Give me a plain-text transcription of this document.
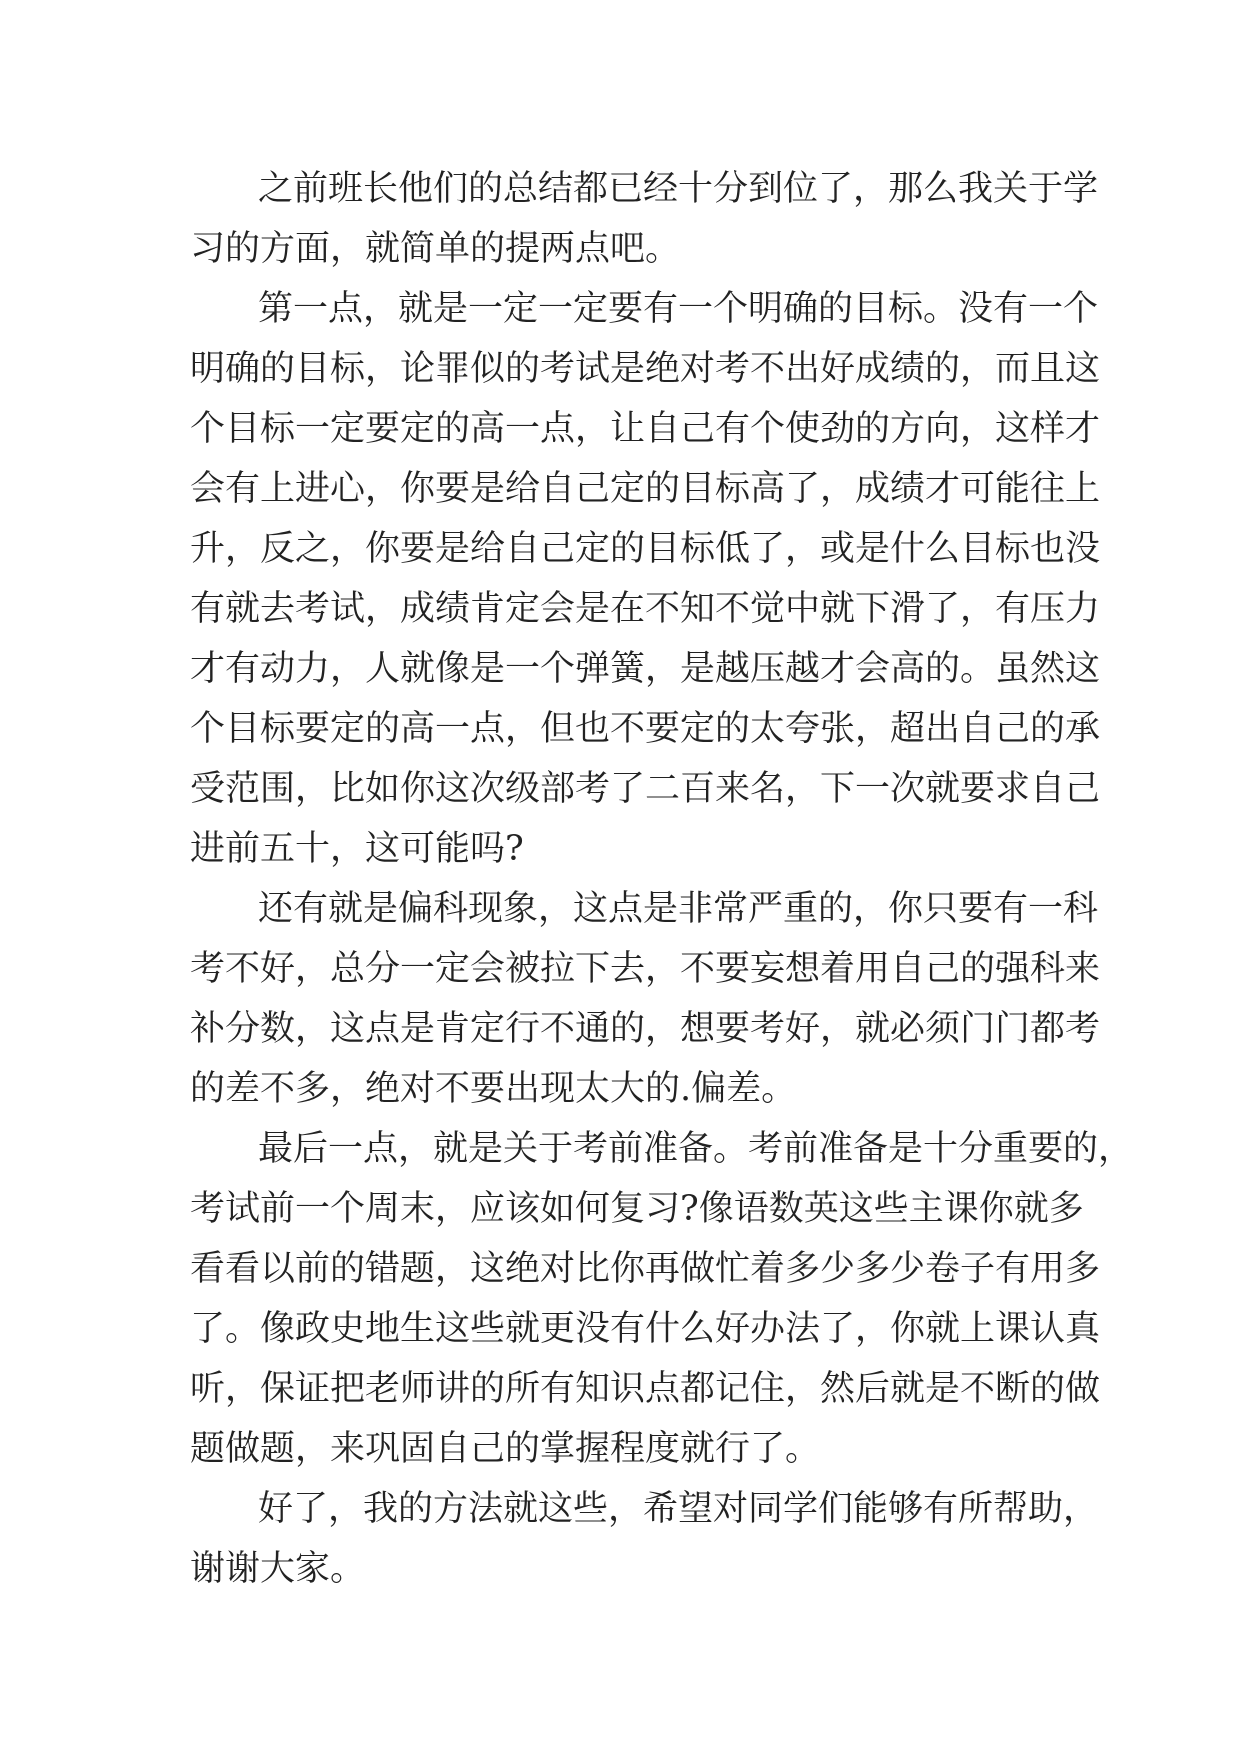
之前班长他们的总结都已经十分到位了，那么我关于学
习的方面，就简单的提两点吧。
第一点，就是一定一定要有一个明确的目标。没有一个
明确的目标，论罪似的考试是绝对考不出好成绩的，而且这
个目标一定要定的高一点，让自己有个使劲的方向，这样才
会有上进心，你要是给自己定的目标高了，成绩才可能往上
升，反之，你要是给自己定的目标低了，或是什么目标也没
有就去考试，成绩肯定会是在不知不觉中就下滑了，有压力
才有动力，人就像是一个弹簧，是越压越才会高的。虽然这
个目标要定的高一点，但也不要定的太夸张，超出自己的承
受范围，比如你这次级部考了二百来名，下一次就要求自己
进前五十，这可能吗?
还有就是偏科现象，这点是非常严重的，你只要有一科
考不好，总分一定会被拉下去，不要妄想着用自己的强科来
补分数，这点是肯定行不通的，想要考好，就必须门门都考
的差不多，绝对不要出现太大的.偏差。
最后一点，就是关于考前准备。考前准备是十分重要的，
考试前一个周末，应该如何复习?像语数英这些主课你就多
看看以前的错题，这绝对比你再做忙着多少多少卷子有用多
了。像政史地生这些就更没有什么好办法了，你就上课认真
听，保证把老师讲的所有知识点都记住，然后就是不断的做
题做题，来巩固自己的掌握程度就行了。
好了，我的方法就这些，希望对同学们能够有所帮助，
谢谢大家。
